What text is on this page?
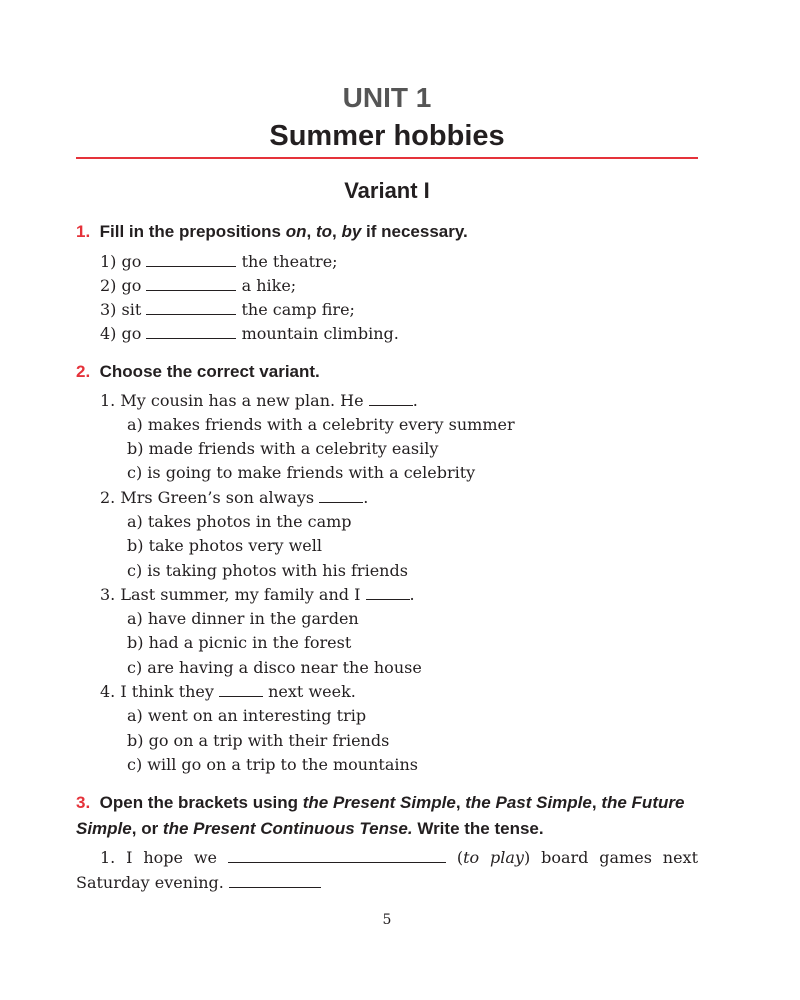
UNIT 1
Summer hobbies
Variant I
1. Fill in the prepositions on, to, by if necessary.
1) go	the theatre;
2) go	a hike;
3) sit	the camp fire;
4) go	mountain climbing.
2. Choose the correct variant.
1. My cousin has a new plan. He	.
a) makes friends with a celebrity every summer
b) made friends with a celebrity easily
c) is going to make friends with a celebrity
2. Mrs Green’s son always	.
a) takes photos in the camp
b) take photos very well
c) is taking photos with his friends
3. Last summer, my family and I	.
a) have dinner in the garden
b) had a picnic in the forest
c) are having a disco near the house
4. I think they	next week.
a) went on an interesting trip
b) go on a trip with their friends
c) will go on a trip to the mountains
3. Open the brackets using the Present Simple, the Past Simple, the Future Simple, or the Present Continuous Tense. Write the tense.
1. I hope we	(to play) board games next Saturday evening.
5
